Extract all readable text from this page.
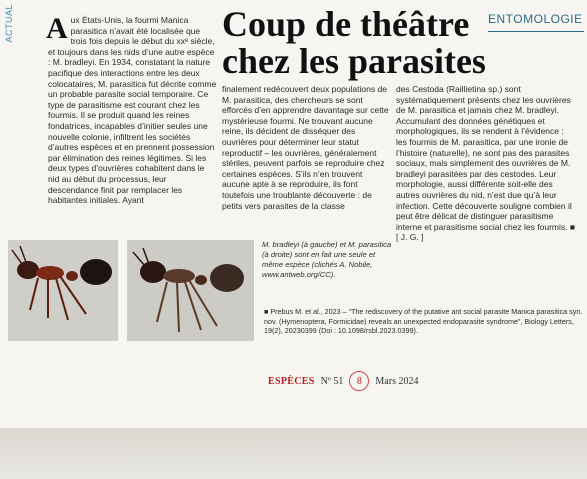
ACTUAL	Coup de théâtre
chez les parasites
ENTOMOLOGIE
A ux États-Unis, la fourmi Manica parasitica n’avait été localisée que trois fois depuis le début du xxᵉ siècle, et toujours dans les nids d’une autre espèce : M. bradleyi. En 1934, constatant la nature pacifique des interactions entre les deux colocataires, M. parasitica fut décrite comme un probable parasite social temporaire. Ce type de parasitisme est courant chez les fourmis. Il se produit quand les reines fondatrices, incapables d’initier seules une nouvelle colonie, infiltrent les sociétés d’autres espèces et en prennent possession par élimination des reines légitimes. Si les deux types d’ouvrières cohabitent dans le nid au début du processus, leur descendance finit par remplacer les habitantes initiales. Ayant
finalement redécouvert deux populations de M. parasitica, des chercheurs se sont efforcés d’en apprendre davantage sur cette mystérieuse fourmi. Ne trouvant aucune reine, ils décident de disséquer des ouvrières pour déterminer leur statut reproductif – les ouvrières, généralement stériles, peuvent parfois se reproduire chez certaines espèces. S’ils n’en trouvent aucune apte à se reproduire, ils font toutefois une troublante découverte : de petits vers parasites de la classe
des Cestoda (Raillietina sp.) sont systématiquement présents chez les ouvrières de M. parasitica et jamais chez M. bradleyi. Accumulant des données génétiques et morphologiques, ils se rendent à l’évidence : les fourmis de M. parasitica, par une ironie de l’histoire (naturelle), ne sont pas des parasites sociaux, mais simplement des ouvrières de M. bradleyi parasitées par des cestodes. Leur morphologie, aussi différente soit-elle des autres ouvrières du nid, n’est due qu’à leur infection. Cette découverte souligne combien il peut être délicat de distinguer parasitisme interne et parasitisme social chez les fourmis. ■ [ J. G. ]
M. bradleyi (à gauche) et M. parasitica (à droite) sont en fait une seule et même espèce (clichés A. Nobile, www.antweb.org/CC).
■ Prebus M. et al., 2023 – “The rediscovery of the putative ant social parasite Manica parasitica syn. nov. (Hymenoptera, Formicidae) reveals an unexpected endoparasite syndrome”, Biology Letters, 19(2), 20230399 (Doi : 10.1098/rsbl.2023.0399).
ESPÈCES Nº 51	8	Mars 2024
